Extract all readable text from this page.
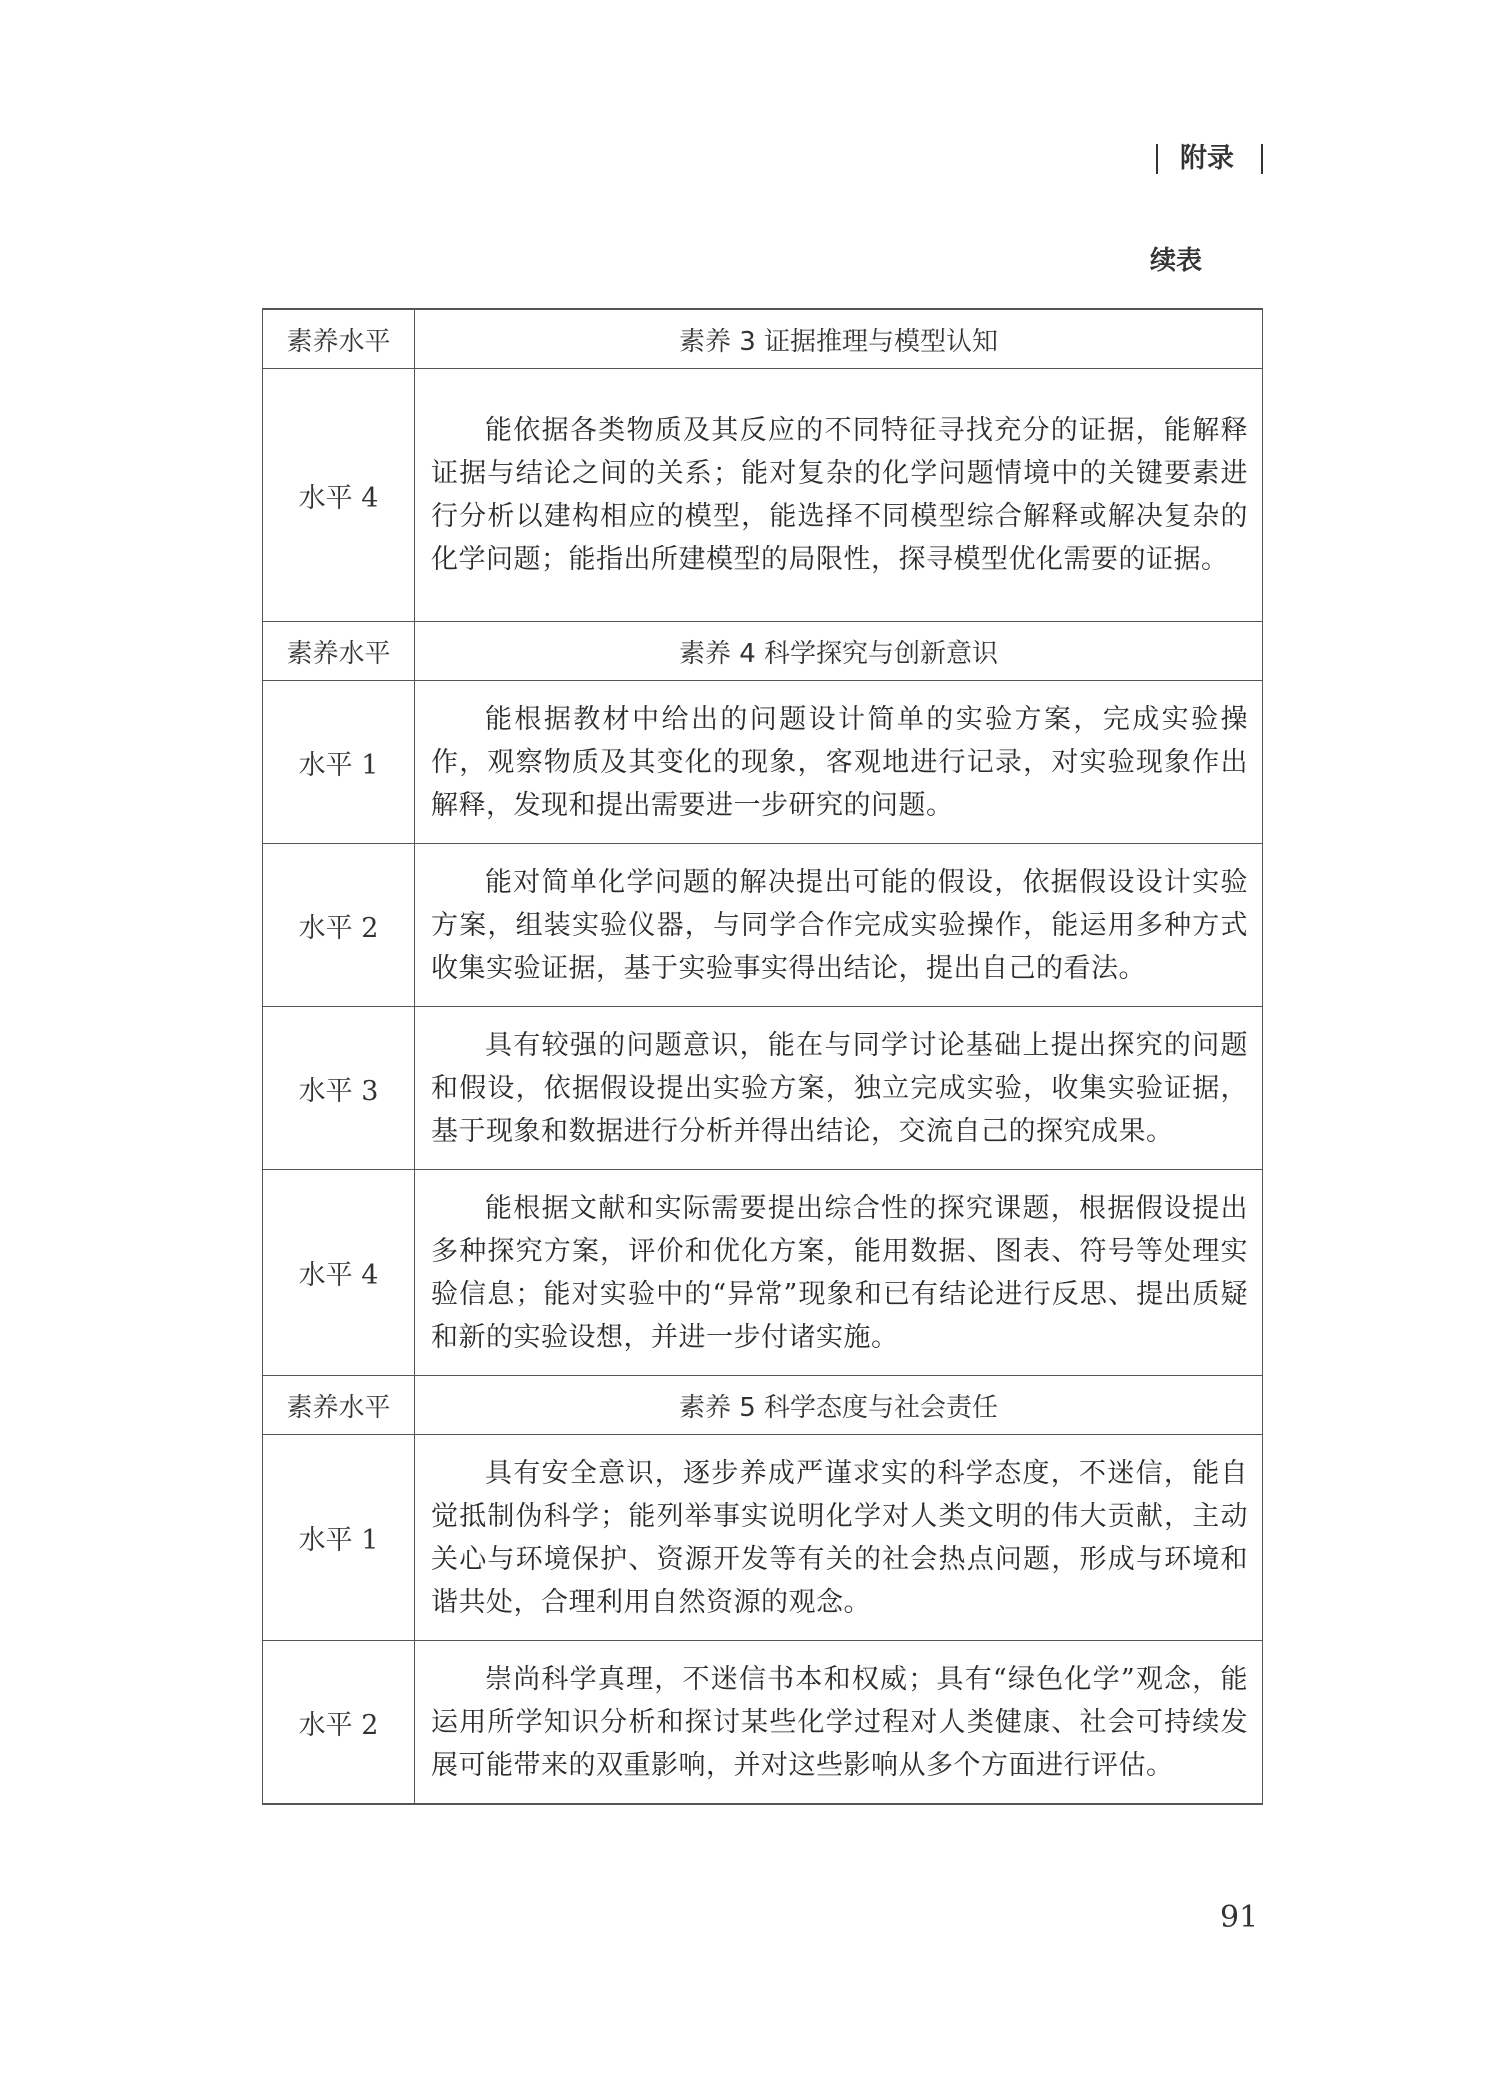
附录
续表
素养水平	素养 3 证据推理与模型认知
水平 4	能依据各类物质及其反应的不同特征寻找充分的证据，能解释证据与结论之间的关系；能对复杂的化学问题情境中的关键要素进行分析以建构相应的模型，能选择不同模型综合解释或解决复杂的化学问题；能指出所建模型的局限性，探寻模型优化需要的证据。

素养水平	素养 4 科学探究与创新意识
水平 1	能根据教材中给出的问题设计简单的实验方案，完成实验操作，观察物质及其变化的现象，客观地进行记录，对实验现象作出解释，发现和提出需要进一步研究的问题。

水平 2	能对简单化学问题的解决提出可能的假设，依据假设设计实验方案，组装实验仪器，与同学合作完成实验操作，能运用多种方式收集实验证据，基于实验事实得出结论，提出自己的看法。

水平 3	具有较强的问题意识，能在与同学讨论基础上提出探究的问题和假设，依据假设提出实验方案，独立完成实验，收集实验证据，基于现象和数据进行分析并得出结论，交流自己的探究成果。

水平 4	能根据文献和实际需要提出综合性的探究课题，根据假设提出多种探究方案，评价和优化方案，能用数据、图表、符号等处理实验信息；能对实验中的“异常”现象和已有结论进行反思、提出质疑和新的实验设想，并进一步付诸实施。

素养水平	素养 5 科学态度与社会责任
水平 1	具有安全意识，逐步养成严谨求实的科学态度，不迷信，能自觉抵制伪科学；能列举事实说明化学对人类文明的伟大贡献，主动关心与环境保护、资源开发等有关的社会热点问题，形成与环境和谐共处，合理利用自然资源的观念。

水平 2	崇尚科学真理，不迷信书本和权威；具有“绿色化学”观念，能运用所学知识分析和探讨某些化学过程对人类健康、社会可持续发展可能带来的双重影响，并对这些影响从多个方面进行评估。
91
